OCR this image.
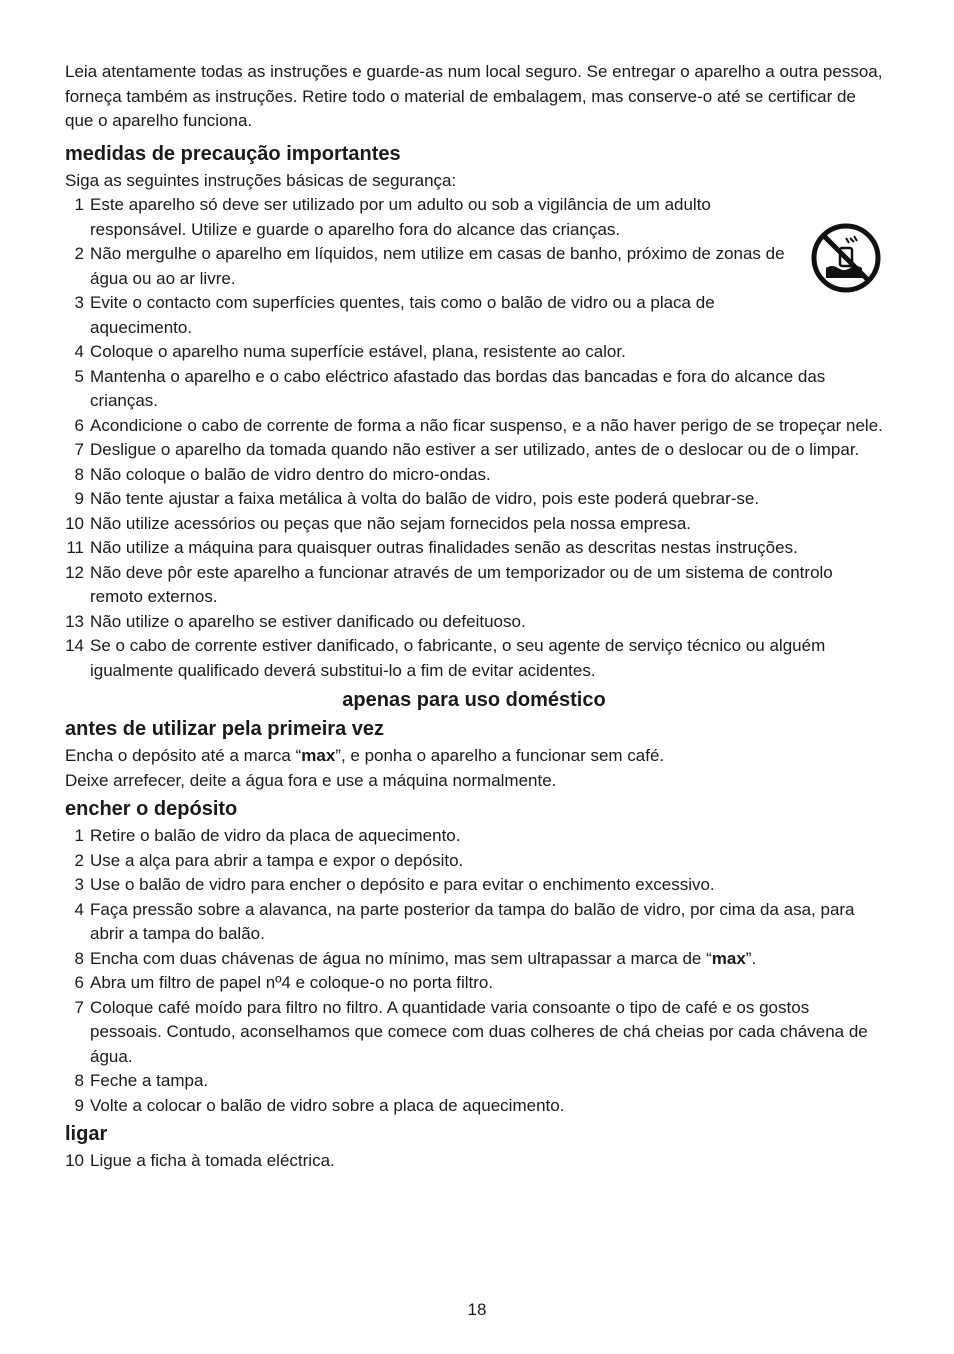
Leia atentamente todas as instruções e guarde-as num local seguro. Se entregar o aparelho a outra pessoa, forneça também as instruções. Retire todo o material de embalagem, mas conserve-o até se certificar de que o aparelho funciona.

medidas de precaução importantes

Siga as seguintes instruções básicas de segurança:

1 Este aparelho só deve ser utilizado por um adulto ou sob a vigilância de um adulto responsável. Utilize e guarde o aparelho fora do alcance das crianças.
2 Não mergulhe o aparelho em líquidos, nem utilize em casas de banho, próximo de zonas de água ou ao ar livre.
3 Evite o contacto com superfícies quentes, tais como o balão de vidro ou a placa de aquecimento.
4 Coloque o aparelho numa superfície estável, plana, resistente ao calor.
5 Mantenha o aparelho e o cabo eléctrico afastado das bordas das bancadas e fora do alcance das crianças.
6 Acondicione o cabo de corrente de forma a não ficar suspenso, e a não haver perigo de se tropeçar nele.
7 Desligue o aparelho da tomada quando não estiver a ser utilizado, antes de o deslocar ou de o limpar.
8 Não coloque o balão de vidro dentro do micro-ondas.
9 Não tente ajustar a faixa metálica à volta do balão de vidro, pois este poderá quebrar-se.
10 Não utilize acessórios ou peças que não sejam fornecidos pela nossa empresa.
11 Não utilize a máquina para quaisquer outras finalidades senão as descritas nestas instruções.
12 Não deve pôr este aparelho a funcionar através de um temporizador ou de um sistema de controlo remoto externos.
13 Não utilize o aparelho se estiver danificado ou defeituoso.
14 Se o cabo de corrente estiver danificado, o fabricante, o seu agente de serviço técnico ou alguém igualmente qualificado deverá substitui-lo a fim de evitar acidentes.
apenas para uso doméstico
antes de utilizar pela primeira vez

Encha o depósito até a marca “max”, e ponha o aparelho a funcionar sem café.

Deixe arrefecer, deite a água fora e use a máquina normalmente.

encher o depósito
1 Retire o balão de vidro da placa de aquecimento.
2 Use a alça para abrir a tampa e expor o depósito.
3 Use o balão de vidro para encher o depósito e para evitar o enchimento excessivo.
4 Faça pressão sobre a alavanca, na parte posterior da tampa do balão de vidro, por cima da asa, para abrir a tampa do balão.
8 Encha com duas chávenas de água no mínimo, mas sem ultrapassar a marca de “max”.
6 Abra um filtro de papel nº4 e coloque-o no porta filtro.
7 Coloque café moído para filtro no filtro. A quantidade varia consoante o tipo de café e os gostos pessoais. Contudo, aconselhamos que comece com duas colheres de chá cheias por cada chávena de água.
8 Feche a tampa.
9 Volte a colocar o balão de vidro sobre a placa de aquecimento.
ligar
10 Ligue a ficha à tomada eléctrica.
18
